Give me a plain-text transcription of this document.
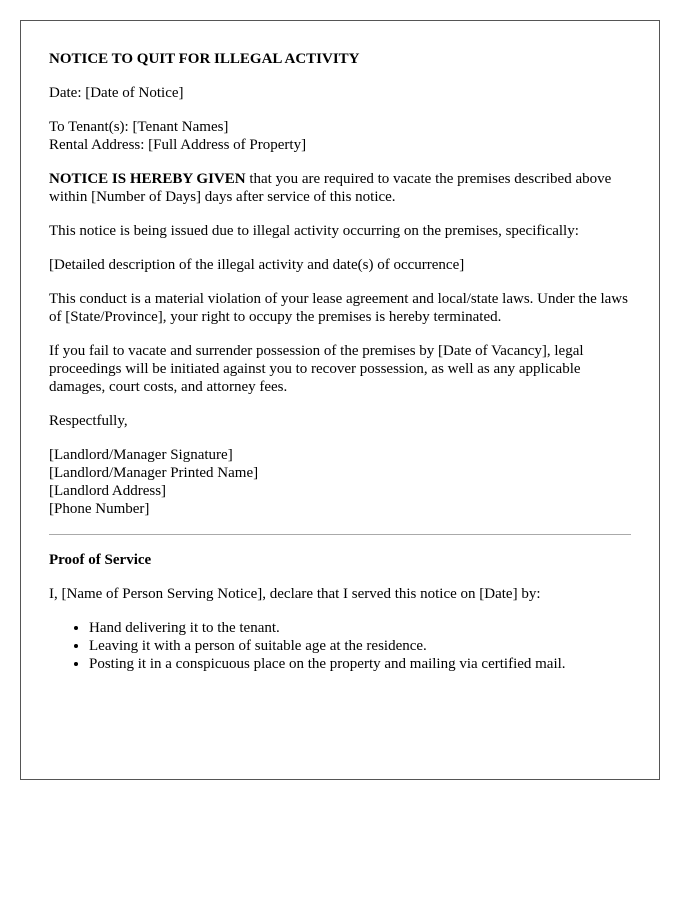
NOTICE TO QUIT FOR ILLEGAL ACTIVITY

Date: [Date of Notice]

To Tenant(s): [Tenant Names]
Rental Address: [Full Address of Property]

NOTICE IS HEREBY GIVEN that you are required to vacate the premises described above within [Number of Days] days after service of this notice.

This notice is being issued due to illegal activity occurring on the premises, specifically:

[Detailed description of the illegal activity and date(s) of occurrence]

This conduct is a material violation of your lease agreement and local/state laws. Under the laws of [State/Province], your right to occupy the premises is hereby terminated.

If you fail to vacate and surrender possession of the premises by [Date of Vacancy], legal proceedings will be initiated against you to recover possession, as well as any applicable damages, court costs, and attorney fees.

Respectfully,

[Landlord/Manager Signature]
[Landlord/Manager Printed Name]
[Landlord Address]
[Phone Number]

Proof of Service

I, [Name of Person Serving Notice], declare that I served this notice on [Date] by:

• Hand delivering it to the tenant.
• Leaving it with a person of suitable age at the residence.
• Posting it in a conspicuous place on the property and mailing via certified mail.
